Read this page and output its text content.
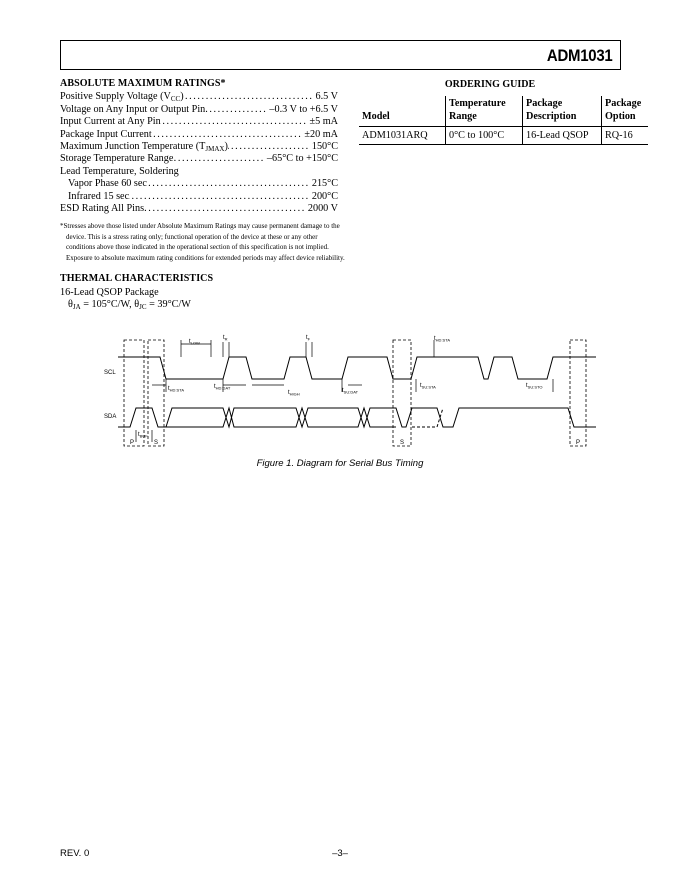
ADM1031
ABSOLUTE MAXIMUM RATINGS*
Positive Supply Voltage $(V_{CC})$ .....	6.5 V
Voltage on Any Input or Output Pin .....	–0.3 V to +6.5 V
Input Current at Any Pin .....	±5 mA
Package Input Current .....	±20 mA
Maximum Junction Temperature $(T_{JMAX})$ .....	150°C
Storage Temperature Range .....	–65°C to +150°C
Lead Temperature, Soldering
Vapor Phase 60 sec .....	215°C
Infrared 15 sec .....	200°C
ESD Rating All Pins .....	2000 V
*Stresses above those listed under Absolute Maximum Ratings may cause permanent damage to the device. This is a stress rating only; functional operation of the device at these or any other conditions above those indicated in the operational section of this specification is not implied. Exposure to absolute maximum rating conditions for extended periods may affect device reliability.
THERMAL CHARACTERISTICS
16-Lead QSOP Package
$\theta_{JA} = 105^\circ C/W$, $\theta_{JC} = 39^\circ C/W$
ORDERING GUIDE
Model	Temperature Range	Package Description	Package Option
ADM1031ARQ	0°C to 100°C	16-Lead QSOP	RQ-16
SCL
SDA
$t_{LOW}$
$t_R$	$t_F$	$t_{HD:STA}$
$t_{HD:STA}$	$t_{HD:DAT}$
$t_{HIGH}$	$t_{SU:DAT}$
$t_{SU:STA}$	$t_{SU:STO}$
$t_{BUF}$
P	S	S	P
Figure 1. Diagram for Serial Bus Timing
REV. 0	–3–
